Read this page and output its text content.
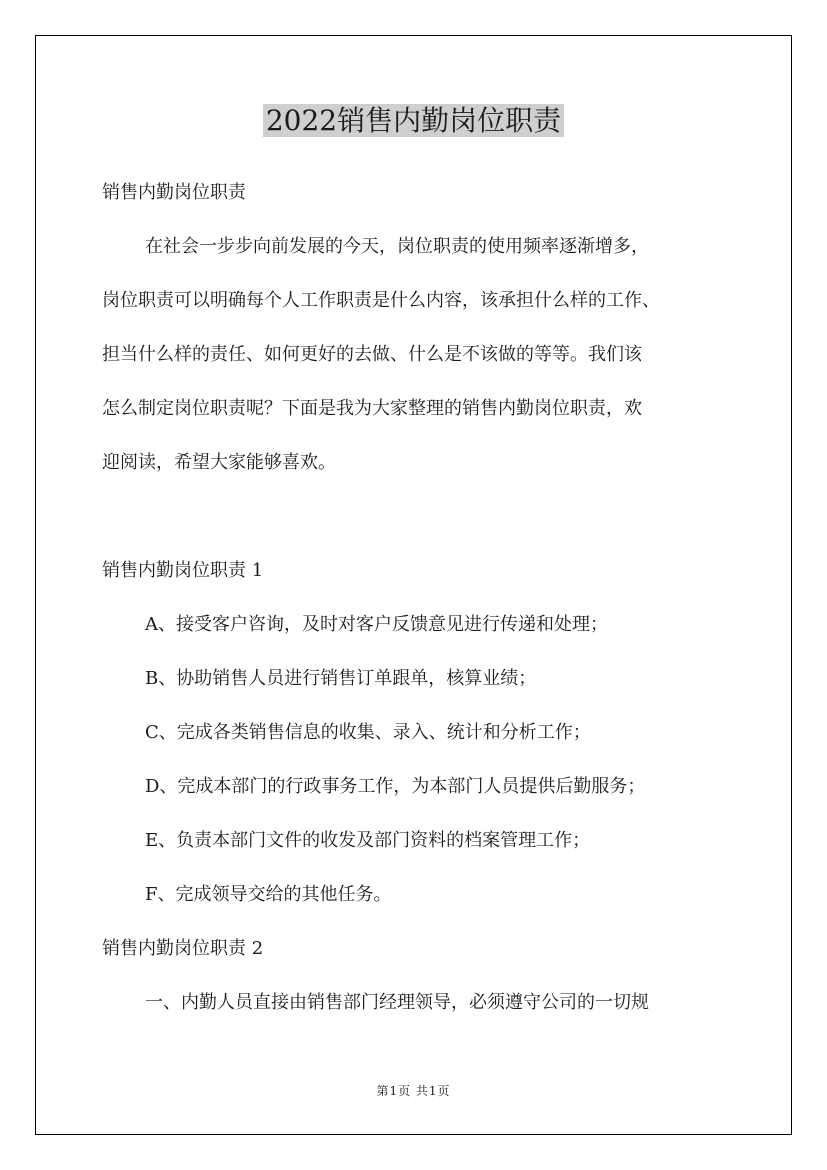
2022销售内勤岗位职责

销售内勤岗位职责

在社会一步步向前发展的今天，岗位职责的使用频率逐渐增多，

岗位职责可以明确每个人工作职责是什么内容，该承担什么样的工作、

担当什么样的责任、如何更好的去做、什么是不该做的等等。我们该

怎么制定岗位职责呢？下面是我为大家整理的销售内勤岗位职责，欢

迎阅读，希望大家能够喜欢。

销售内勤岗位职责 1

A、接受客户咨询，及时对客户反馈意见进行传递和处理；

B、协助销售人员进行销售订单跟单，核算业绩；

C、完成各类销售信息的收集、录入、统计和分析工作；

D、完成本部门的行政事务工作，为本部门人员提供后勤服务；

E、负责本部门文件的收发及部门资料的档案管理工作；

F、完成领导交给的其他任务。

销售内勤岗位职责 2

一、内勤人员直接由销售部门经理领导，必须遵守公司的一切规

第1页 共1页
